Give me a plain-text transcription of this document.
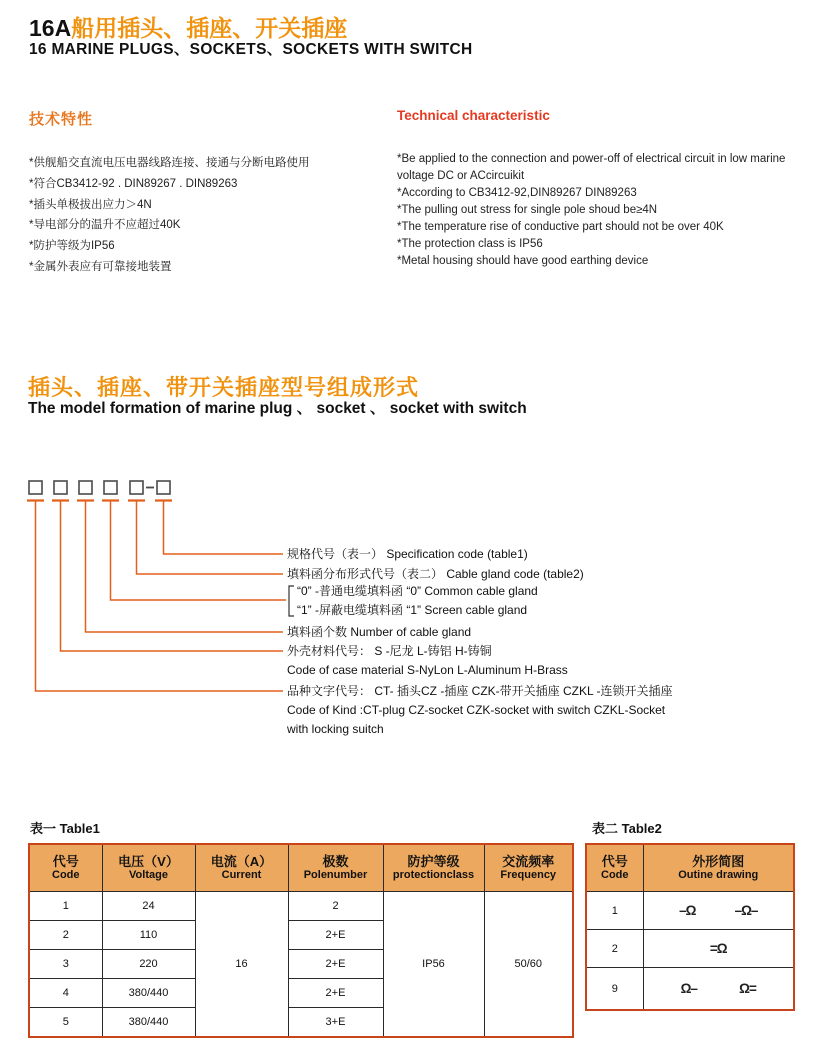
16A船用插头、插座、开关插座
16 MARINE PLUGS、SOCKETS、SOCKETS WITH SWITCH
技术特性	Technical characteristic
*供舰船交直流电压电器线路连接、接通与分断电路使用
*符合CB3412-92 . DIN89267 . DIN89263
*插头单极拔出应力＞4N
*导电部分的温升不应超过40K
*防护等级为IP56
*金属外表应有可靠接地装置
*Be applied to the connection and power-off of electrical circuit in low marine voltage DC or ACcircuikit
*According to CB3412-92,DIN89267 DIN89263
*The pulling out stress for single pole shoud be≥4N
*The temperature rise of conductive part should not be over 40K
*The protection class is IP56
*Metal housing should have good earthing device
插头、插座、带开关插座型号组成形式
The model formation of marine plug 、 socket 、 socket with switch
规格代号（表一） Specification code (table1)
填料函分布形式代号（表二） Cable gland code (table2)
“0” -普通电缆填料函 “0” Common cable gland
“1” -屏蔽电缆填料函 “1” Screen cable gland
填料函个数 Number of cable gland
外壳材料代号： S -尼龙 L-铸铝 H-铸铜
Code of case material S-NyLon L-Aluminum H-Brass
品种文字代号： CT- 插头CZ -插座 CZK-带开关插座 CZKL -连锁开关插座
Code of Kind :CT-plug CZ-socket CZK-socket with switch CZKL-Socket
with locking suitch
表一 Table1
代号
Code

电压（V）
Voltage

电流（A）
Current

极数
Polenumber

防护等级
protectionclass

交流频率
Frequency

1	24	16	2	IP56	50/60
2	110		2+E		
3	220		2+E		
4	380/440		2+E		
5	380/440		3+E		
表二 Table2
代号
Code

外形简图
Outine drawing

1	–Ω –Ω–

2	=Ω

9	Ω– Ω=
